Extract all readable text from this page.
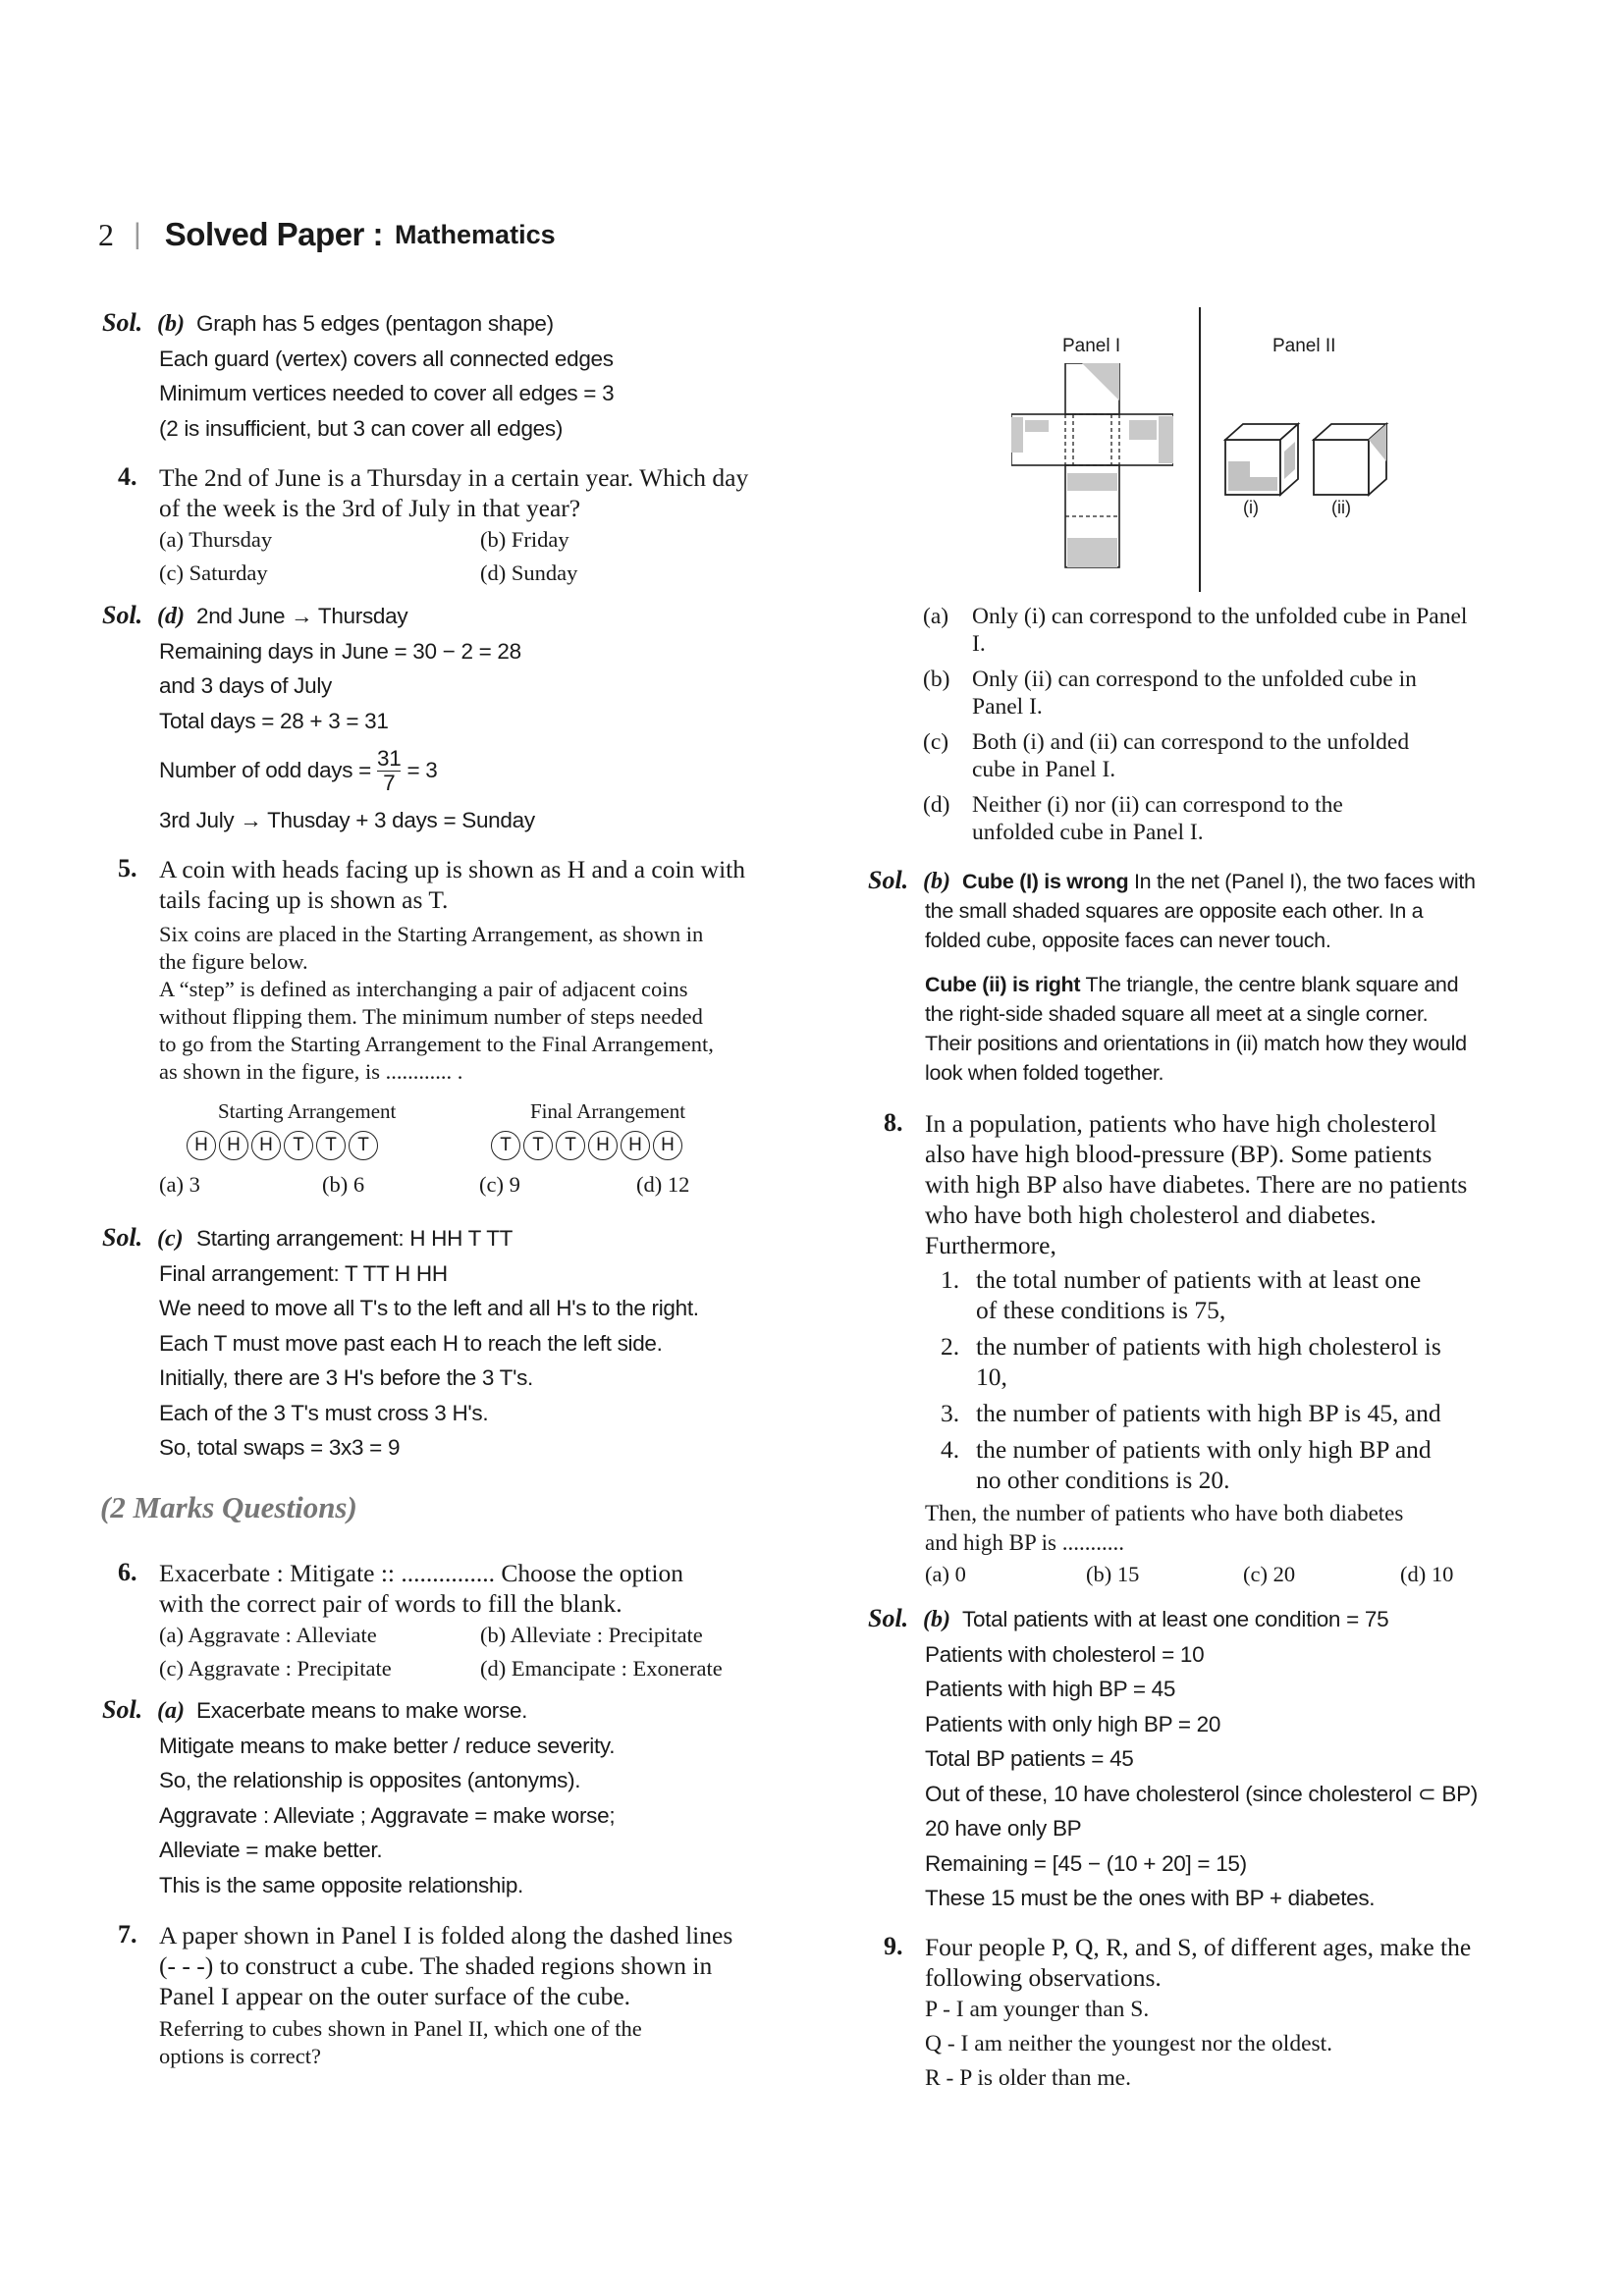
2 | Solved Paper : Mathematics
Sol. (b) Graph has 5 edges (pentagon shape)
Each guard (vertex) covers all connected edges
Minimum vertices needed to cover all edges = 3
(2 is insufficient, but 3 can cover all edges)
4. The 2nd of June is a Thursday in a certain year. Which day
of the week is the 3rd of July in that year?
(a) Thursday	(b) Friday
(c) Saturday	(d) Sunday
Sol. (d) 2nd June → Thursday
Remaining days in June = 30 − 2 = 28
and 3 days of July
Total days = 28 + 3 = 31
Number of odd days = $\frac{31}{7} = 3$
3rd July → Thusday + 3 days = Sunday
5. A coin with heads facing up is shown as H and a coin with
tails facing up is shown as T.
Six coins are placed in the Starting Arrangement, as shown in
the figure below.
A “step” is defined as interchanging a pair of adjacent coins
without flipping them. The minimum number of steps needed
to go from the Starting Arrangement to the Final Arrangement,
as shown in the figure, is ............ .
Starting Arrangement	Final Arrangement
H	H	H	T	T	T	T	T	T	H	H	H
(a) 3	(b) 6	(c) 9	(d) 12
Sol. (c) Starting arrangement: H HH T TT
Final arrangement: T TT H HH
We need to move all T's to the left and all H's to the right.
Each T must move past each H to reach the left side.
Initially, there are 3 H's before the 3 T's.
Each of the 3 T's must cross 3 H's.
So, total swaps = 3x3 = 9
(2 Marks Questions)
6. Exacerbate : Mitigate :: ............... Choose the option
with the correct pair of words to fill the blank.
(a) Aggravate : Alleviate	(b) Alleviate : Precipitate
(c) Aggravate : Precipitate	(d) Emancipate : Exonerate
Sol. (a) Exacerbate means to make worse.
Mitigate means to make better / reduce severity.
So, the relationship is opposites (antonyms).
Aggravate : Alleviate ; Aggravate = make worse;
Alleviate = make better.
This is the same opposite relationship.
7. A paper shown in Panel I is folded along the dashed lines
(- - -) to construct a cube. The shaded regions shown in
Panel I appear on the outer surface of the cube.
Referring to cubes shown in Panel II, which one of the
options is correct?
Panel I	Panel II
(i)	(ii)
(a)	Only (i) can correspond to the unfolded cube in Panel
I.
(b) Only (ii) can correspond to the unfolded cube in
Panel I.
(c)	Both (i) and (ii) can correspond to the unfolded
cube in Panel I.
(d) Neither (i) nor (ii) can correspond to the
unfolded cube in Panel I.
Sol. (b) Cube (I) is wrong In the net (Panel I), the two faces with
the small shaded squares are opposite each other. In a
folded cube, opposite faces can never touch.
Cube (ii) is right The triangle, the centre blank square and
the right-side shaded square all meet at a single corner.
Their positions and orientations in (ii) match how they would
look when folded together.
8. In a population, patients who have high cholesterol
also have high blood-pressure (BP). Some patients
with high BP also have diabetes. There are no patients
who have both high cholesterol and diabetes.
Furthermore,
1. the total number of patients with at least one
of these conditions is 75,
2. the number of patients with high cholesterol is
10,
3. the number of patients with high BP is 45, and
4. the number of patients with only high BP and
no other conditions is 20.
Then, the number of patients who have both diabetes
and high BP is ...........
(a) 0	(b) 15	(c) 20	(d) 10
Sol. (b) Total patients with at least one condition = 75
Patients with cholesterol = 10
Patients with high BP = 45
Patients with only high BP = 20
Total BP patients = 45
Out of these, 10 have cholesterol (since cholesterol ⊂ BP)
20 have only BP
Remaining = [45 − (10 + 20] = 15)
These 15 must be the ones with BP + diabetes.
9. Four people P, Q, R, and S, of different ages, make the
following observations.
P - I am younger than S.
Q - I am neither the youngest nor the oldest.
R - P is older than me.
